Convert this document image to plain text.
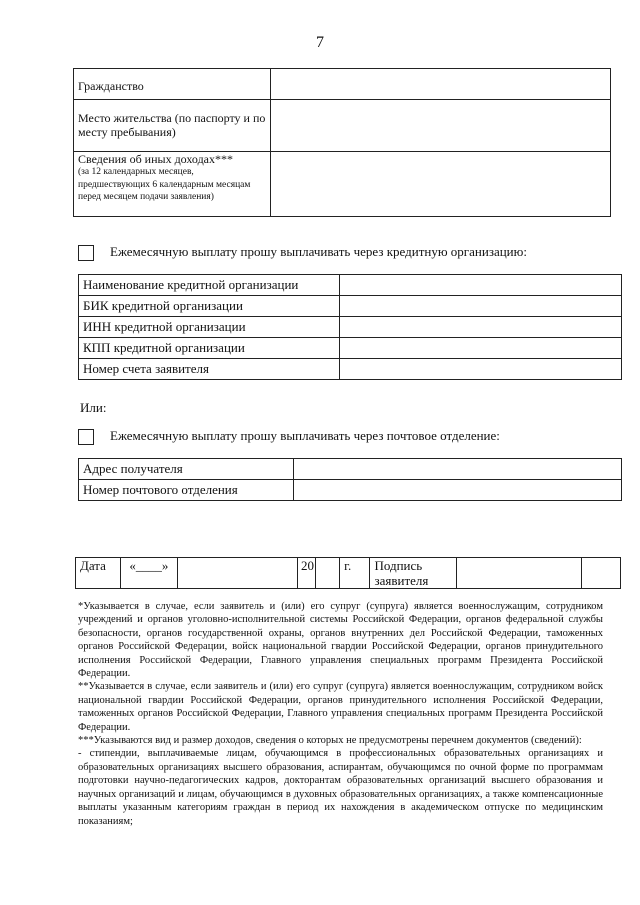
7
Гражданство	

Место жительства (по паспорту и по месту пребывания)	

Сведения об иных доходах***
(за 12 календарных месяцев, предшествующих 6 календарным месяцам перед месяцем подачи заявления)	

Ежемесячную выплату прошу выплачивать через кредитную организацию:
Наименование кредитной организации	
БИК кредитной организации	
ИНН кредитной организации	
КПП кредитной организации	
Номер счета заявителя	
Или:
Ежемесячную выплату прошу выплачивать через почтовое отделение:
Адрес получателя	
Номер почтового отделения	
Дата	«____»		20		г.	Подпись заявителя		

*Указывается в случае, если заявитель и (или) его супруг (супруга) является военнослужащим, сотрудником учреждений и органов уголовно-исполнительной системы Российской Федерации, органов федеральной службы безопасности, органов государственной охраны, органов внутренних дел Российской Федерации, таможенных органов Российской Федерации, войск национальной гвардии Российской Федерации, органов принудительного исполнения Российской Федерации, Главного управления специальных программ Президента Российской Федерации.

**Указывается в случае, если заявитель и (или) его супруг (супруга) является военнослужащим, сотрудником войск национальной гвардии Российской Федерации, органов принудительного исполнения Российской Федерации, таможенных органов Российской Федерации, Главного управления специальных программ Президента Российской Федерации.

***Указываются вид и размер доходов, сведения о которых не предусмотрены перечнем документов (сведений):

- стипендии, выплачиваемые лицам, обучающимся в профессиональных образовательных организациях и образовательных организациях высшего образования, аспирантам, обучающимся по очной форме по программам подготовки научно-педагогических кадров, докторантам образовательных организаций высшего образования и научных организаций и лицам, обучающимся в духовных образовательных организациях, а также компенсационные выплаты указанным категориям граждан в период их нахождения в академическом отпуске по медицинским показаниям;
